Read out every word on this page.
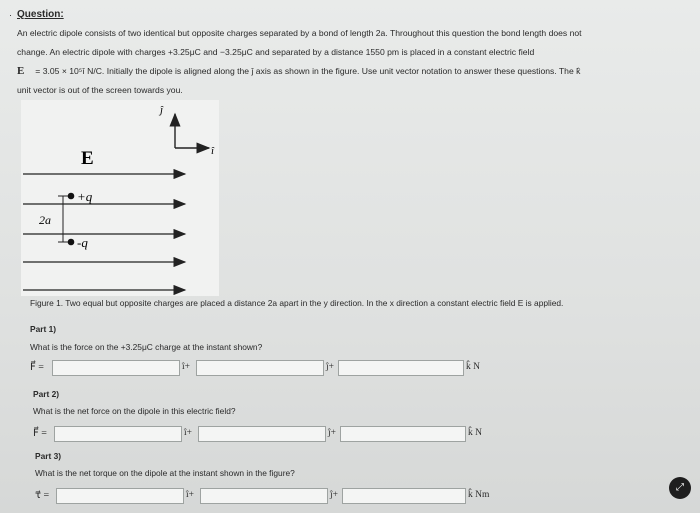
· Question:
An electric dipole consists of two identical but opposite charges separated by a bond of length 2a. Throughout this question the bond length does not
change. An electric dipole with charges +3.25μC and −3.25μC and separated by a distance 1550 pm is placed in a constant electric field
E⃗ = 3.05 × 10⁵î N/C. Initially the dipole is aligned along the ĵ axis as shown in the figure. Use unit vector notation to answer these questions. The k̂
unit vector is out of the screen towards you.
ĵ
î
E
2a
+q
-q
Figure 1. Two equal but opposite charges are placed a distance 2a apart in the y direction. In the x direction a constant electric field E is applied.
Part 1)
What is the force on the +3.25μC charge at the instant shown?
F⃗ =	î+	ĵ+	k̂ N
Part 2)
What is the net force on the dipole in this electric field?
F⃗ =	î+	ĵ+	k̂ N
Part 3)
What is the net torque on the dipole at the instant shown in the figure?
τ⃗ =	î+	ĵ+	k̂ Nm
⤢
